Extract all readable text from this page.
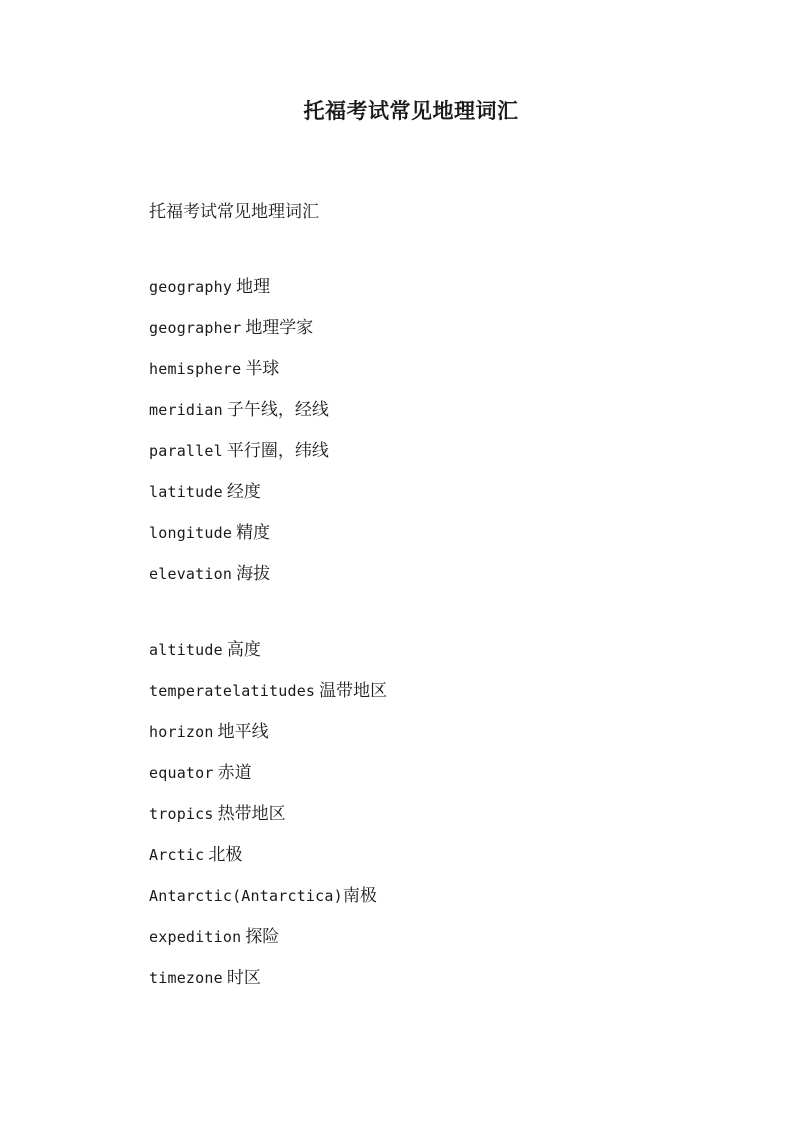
托福考试常见地理词汇
托福考试常见地理词汇
geography 地理
geographer 地理学家
hemisphere 半球
meridian 子午线，经线
parallel 平行圈，纬线
latitude 经度
longitude 精度
elevation 海拔
altitude 高度
temperatelatitudes 温带地区
horizon 地平线
equator 赤道
tropics 热带地区
Arctic 北极
Antarctic(Antarctica)南极
expedition 探险
timezone 时区
